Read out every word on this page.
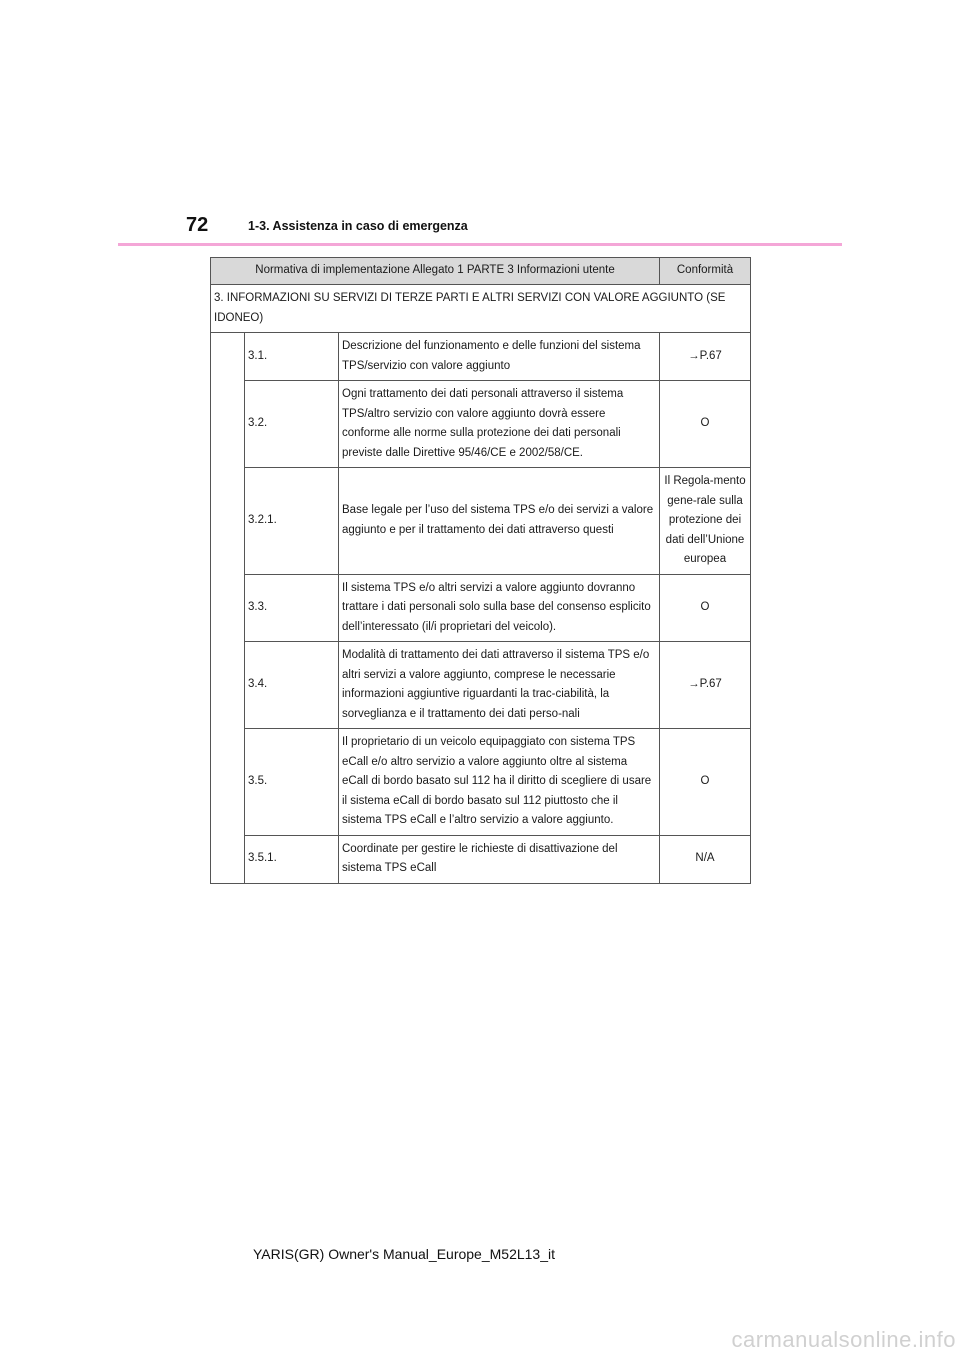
72	1-3. Assistenza in caso di emergenza
Normativa di implementazione Allegato 1 PARTE 3 Informazioni utente			Conformità
3. INFORMAZIONI SU SERVIZI DI TERZE PARTI E ALTRI SERVIZI CON VALORE AGGIUNTO (SE IDONEO)			
	3.1.	Descrizione del funzionamento e delle funzioni del sistema TPS/servizio con valore aggiunto	→P.67
	3.2.	Ogni trattamento dei dati personali attraverso il sistema TPS/altro servizio con valore aggiunto dovrà essere conforme alle norme sulla protezione dei dati personali previste dalle Direttive 95/46/CE e 2002/58/CE.	O
	3.2.1.	Base legale per l’uso del sistema TPS e/o dei servizi a valore aggiunto e per il trattamento dei dati attraverso questi	Il Regola-mento gene-rale sulla protezione dei dati dell’Unione europea
	3.3.	Il sistema TPS e/o altri servizi a valore aggiunto dovranno trattare i dati personali solo sulla base del consenso esplicito dell’interessato (il/i proprietari del veicolo).	O
	3.4.	Modalità di trattamento dei dati attraverso il sistema TPS e/o altri servizi a valore aggiunto, comprese le necessarie informazioni aggiuntive riguardanti la trac-ciabilità, la sorveglianza e il trattamento dei dati perso-nali	→P.67
	3.5.	Il proprietario di un veicolo equipaggiato con sistema TPS eCall e/o altro servizio a valore aggiunto oltre al sistema eCall di bordo basato sul 112 ha il diritto di scegliere di usare il sistema eCall di bordo basato sul 112 piuttosto che il sistema TPS eCall e l’altro servizio a valore aggiunto.	O
	3.5.1.	Coordinate per gestire le richieste di disattivazione del sistema TPS eCall	N/A
YARIS(GR) Owner's Manual_Europe_M52L13_it
carmanualsonline.info
